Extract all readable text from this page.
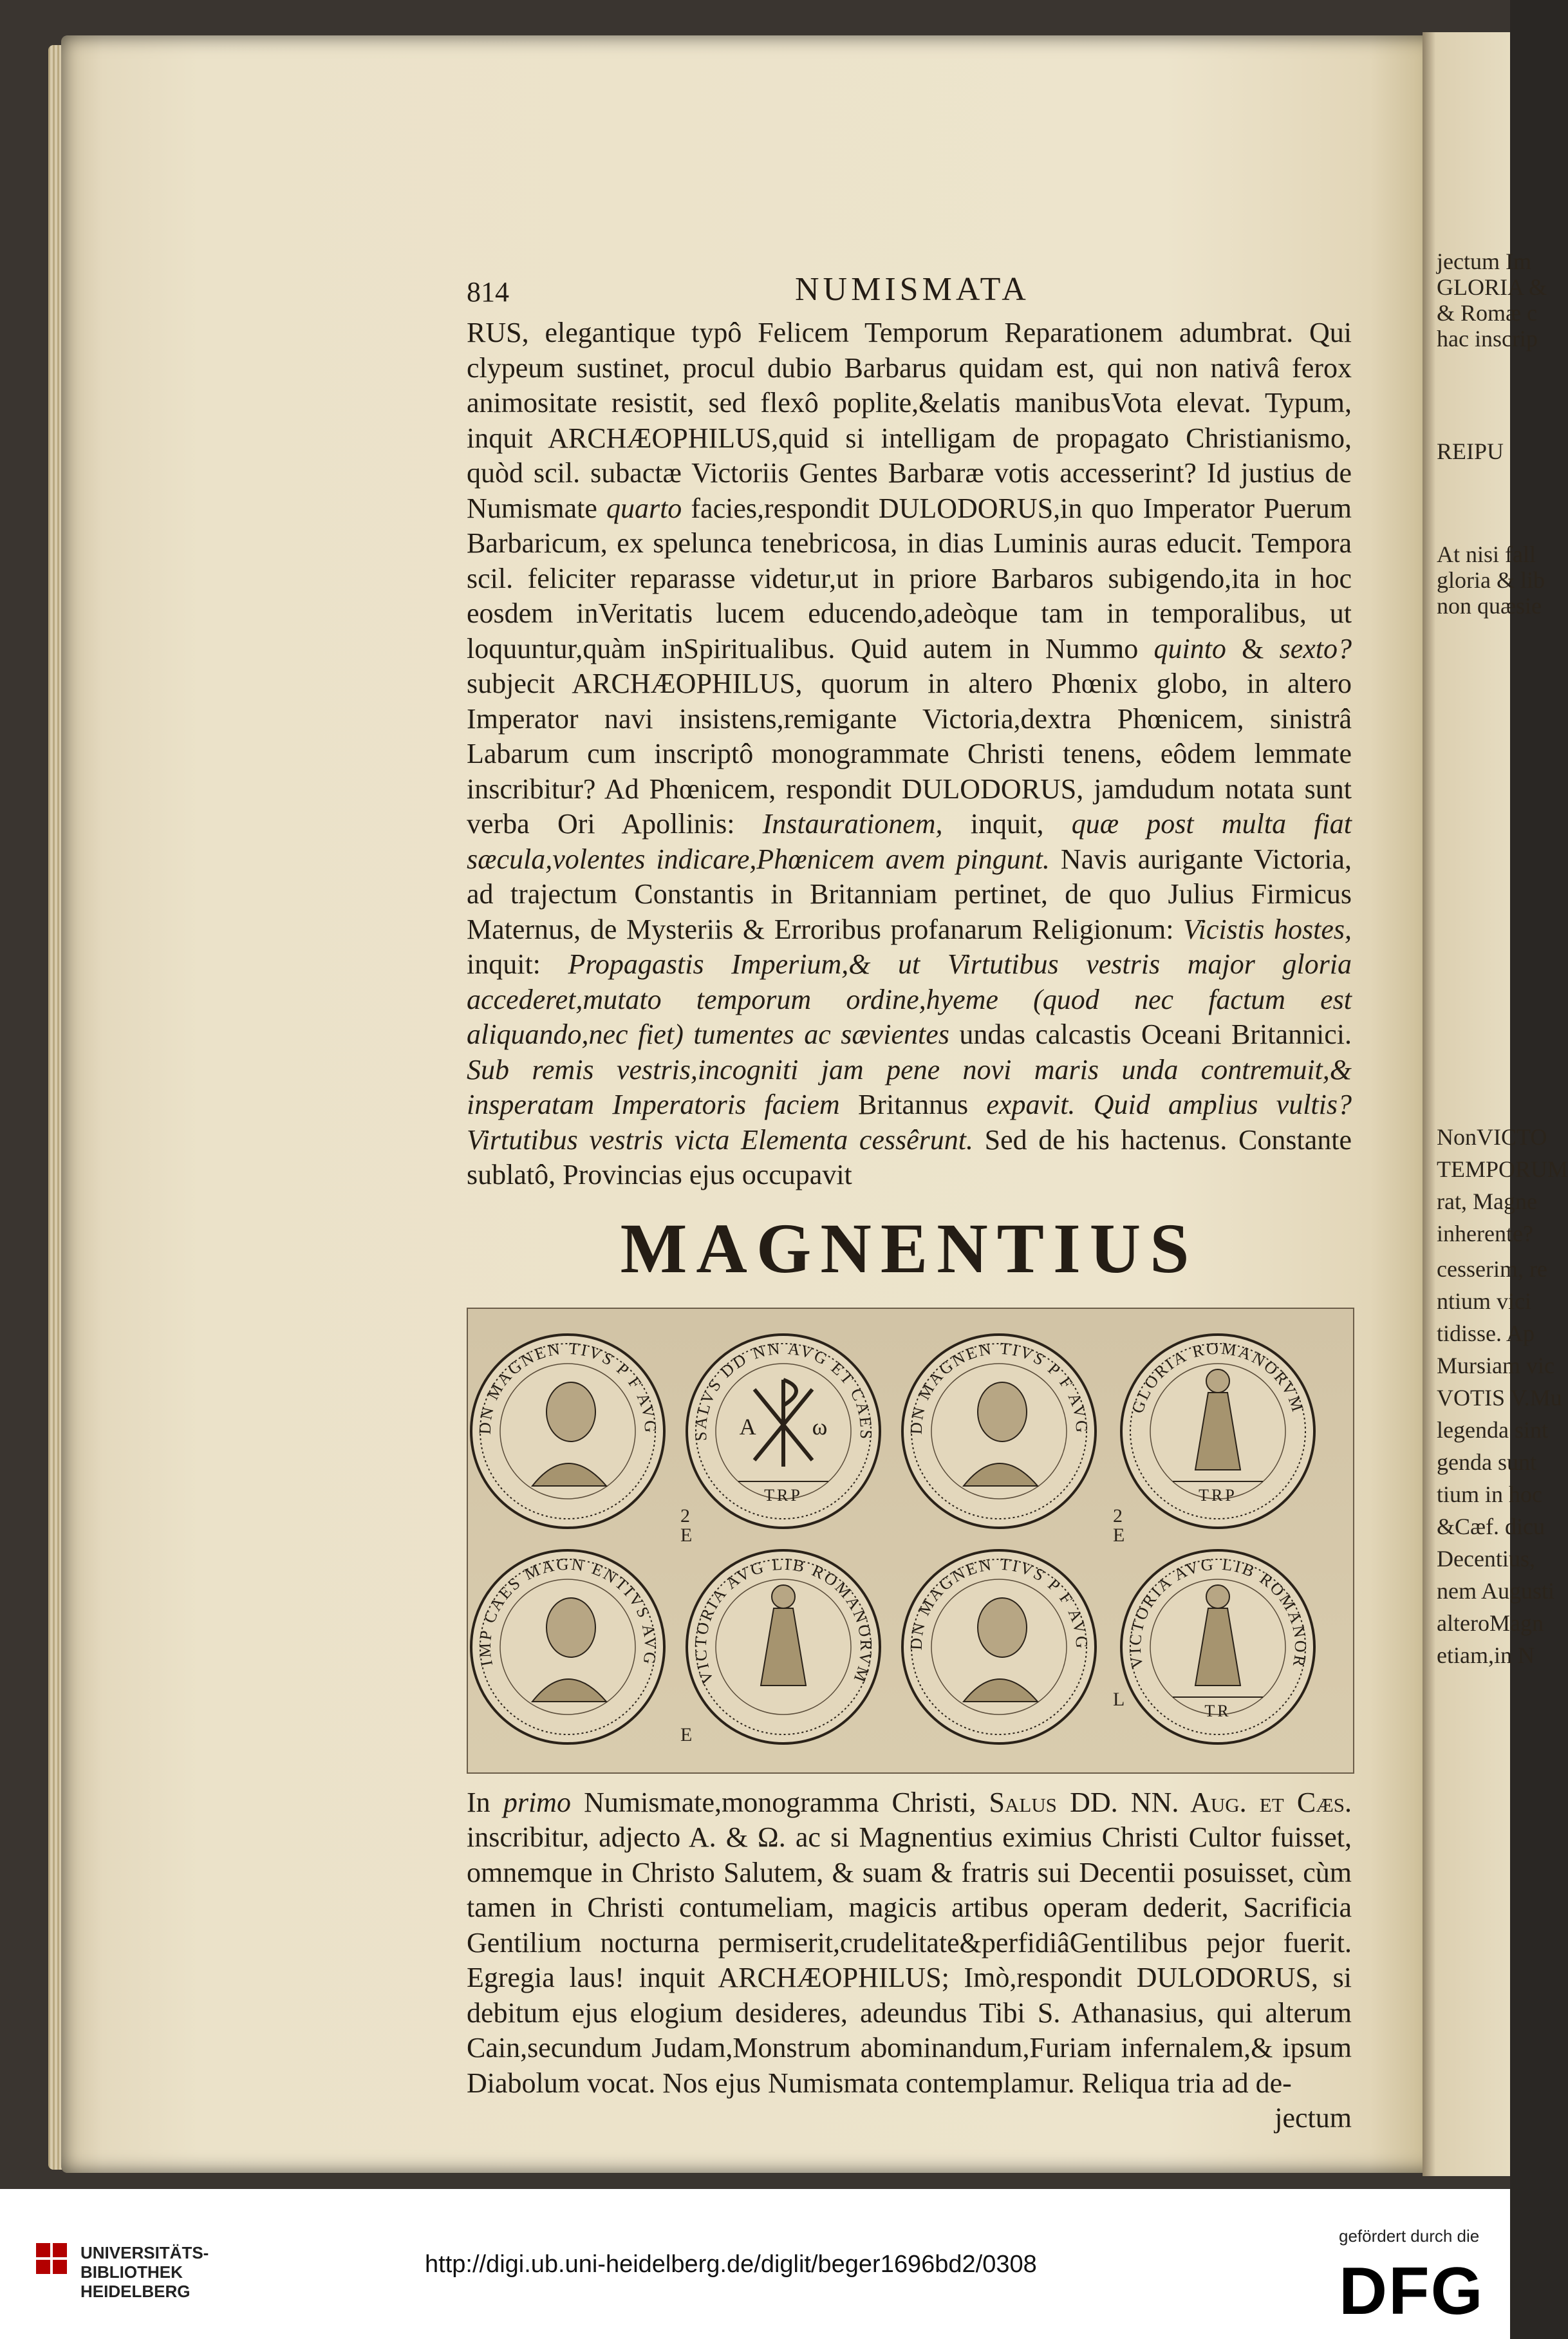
jectum Im
GLORIA &
& Romæ c
hac inscrip
REIPU
At nisi fall
gloria & lib
non quæsie
NonVICTO
TEMPORUM
rat, Magne
inherente?
cesserim, re
ntium vici
tidisse. Ap
Mursiam vic
VOTIS V.Mu
legenda sint
genda sunt
tium in hoc
&Cæf. dicu
Decentius,
nem Augusti
alteroMagn
etiam,in N
814	NUMISMATA

RUS, elegantique typô Felicem Temporum Reparationem adumbrat. Qui clypeum sustinet, procul dubio Barbarus quidam est, qui non nativâ ferox animositate resistit, sed flexô poplite,&elatis manibusVota elevat. Typum, inquit ARCHÆOPHILUS,quid si intelligam de propagato Christianismo, quòd scil. subactæ Victoriis Gentes Barbaræ votis accesserint? Id justius de Numismate quarto facies,respondit DULODORUS,in quo Imperator Puerum Barbaricum, ex spelunca tenebricosa, in dias Luminis auras educit. Tempora scil. feliciter reparasse videtur,ut in priore Barbaros subigendo,ita in hoc eosdem inVeritatis lucem educendo,adeòque tam in temporalibus, ut loquuntur,quàm inSpiritualibus. Quid autem in Nummo quinto & sexto? subjecit ARCHÆOPHILUS, quorum in altero Phœnix globo, in altero Imperator navi insistens,remigante Victoria,dextra Phœnicem, sinistrâ Labarum cum inscriptô monogrammate Christi tenens, eôdem lemmate inscribitur? Ad Phœnicem, respondit DULODORUS, jamdudum notata sunt verba Ori Apollinis: Instaurationem, inquit, quæ post multa fiat sæcula,volentes indicare,Phœnicem avem pingunt. Navis aurigante Victoria, ad trajectum Constantis in Britanniam pertinet, de quo Julius Firmicus Maternus, de Mysteriis & Erroribus profanarum Religionum: Vicistis hostes, inquit: Propagastis Imperium,& ut Virtutibus vestris major gloria accederet,mutato temporum ordine,hyeme (quod nec factum est aliquando,nec fiet) tumentes ac sævientes undas calcastis Oceani Britannici. Sub remis vestris,incogniti jam pene novi maris unda contremuit,& insperatam Imperatoris faciem Britannus expavit. Quid amplius vultis? Virtutibus vestris victa Elementa cessêrunt. Sed de his hactenus. Constante sublatô, Provincias ejus occupavit

MAGNENTIUS
DN MAGNEN TIVS P F AVG
SALVS DD NN AVG ET CAES
A ω
TRP
DN MAGNEN TIVS P F AVG
GLORIA ROMANORVM
TRP
IMP CAES MAGN ENTIVS AVG
VICTORIA AVG LIB ROMANORVM
DN MAGNEN TIVS P F AVG
VICTORIA AVG LIB ROMANOR
TR
2
E
2
E
E
L

In primo Numismate,monogramma Christi, Salus DD. NN. Aug. et Cæs. inscribitur, adjecto A. & Ω. ac si Magnentius eximius Christi Cultor fuisset, omnemque in Christo Salutem, & suam & fratris sui Decentii posuisset, cùm tamen in Christi contumeliam, magicis artibus operam dederit, Sacrificia Gentilium nocturna permiserit,crudelitate&perfidiâGentilibus pejor fuerit. Egregia laus! inquit ARCHÆOPHILUS; Imò,respondit DULODORUS, si debitum ejus elogium desideres, adeundus Tibi S. Athanasius, qui alterum Cain,secundum Judam,Monstrum abominandum,Furiam infernalem,& ipsum Diabolum vocat. Nos ejus Numismata contemplamur. Reliqua tria ad de-

jectum
UNIVERSITÄTS-
BIBLIOTHEK
HEIDELBERG
http://digi.ub.uni-heidelberg.de/diglit/beger1696bd2/0308
gefördert durch die
DFG
